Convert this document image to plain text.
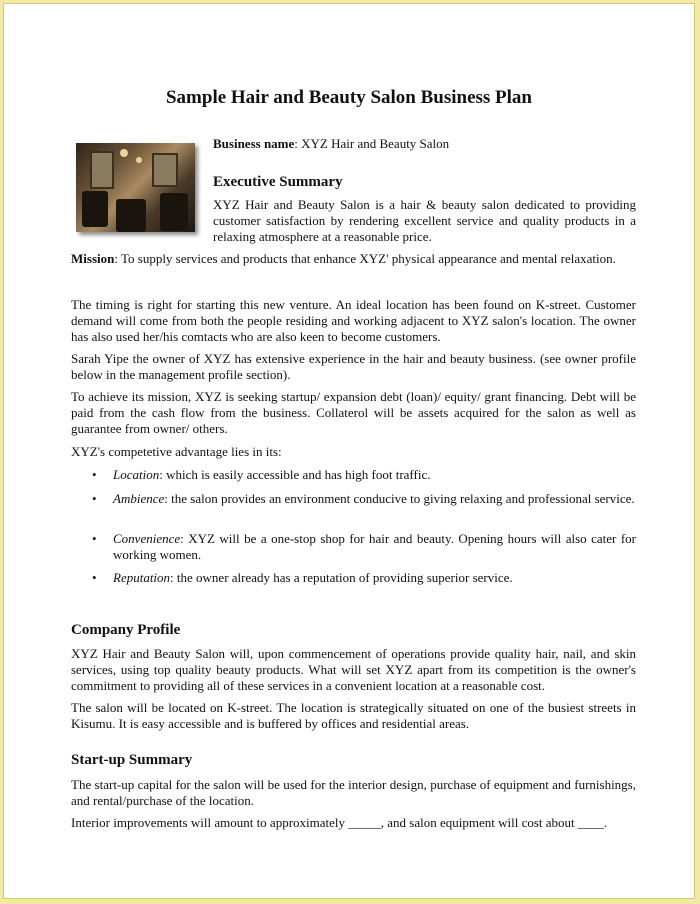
Sample Hair and Beauty Salon Business Plan

Business name: XYZ Hair and Beauty Salon

Executive Summary

XYZ Hair and Beauty Salon is a hair & beauty salon dedicated to providing customer satisfaction by rendering excellent service and quality products in a relaxing atmosphere at a reasonable price.

Mission: To supply services and products that enhance XYZ' physical appearance and mental relaxation.

The timing is right for starting this new venture. An ideal location has been found on K-street. Customer demand will come from both the people residing and working adjacent to XYZ salon's location. The owner has also used her/his comtacts who are also keen to become customers.

Sarah Yipe the owner of XYZ has extensive experience in the hair and beauty business. (see owner profile below in the management profile section).

To achieve its mission, XYZ is seeking startup/ expansion debt (loan)/ equity/ grant financing. Debt will be paid from the cash flow from the business. Collaterol will be assets acquired for the salon as well as guarantee from owner/ others.

XYZ's competetive advantage lies in its:

• Location: which is easily accessible and has high foot traffic.
• Ambience: the salon provides an environment conducive to giving relaxing and professional service.
• Convenience: XYZ will be a one-stop shop for hair and beauty. Opening hours will also cater for working women.
• Reputation: the owner already has a reputation of providing superior service.
Company Profile

XYZ Hair and Beauty Salon will, upon commencement of operations provide quality hair, nail, and skin services, using top quality beauty products. What will set XYZ apart from its competition is the owner's commitment to providing all of these services in a convenient location at a reasonable cost.

The salon will be located on K-street. The location is strategically situated on one of the busiest streets in Kisumu. It is easy accessible and is buffered by offices and residential areas.

Start-up Summary

The start-up capital for the salon will be used for the interior design, purchase of equipment and furnishings, and rental/purchase of the location.

Interior improvements will amount to approximately _____, and salon equipment will cost about ____.
